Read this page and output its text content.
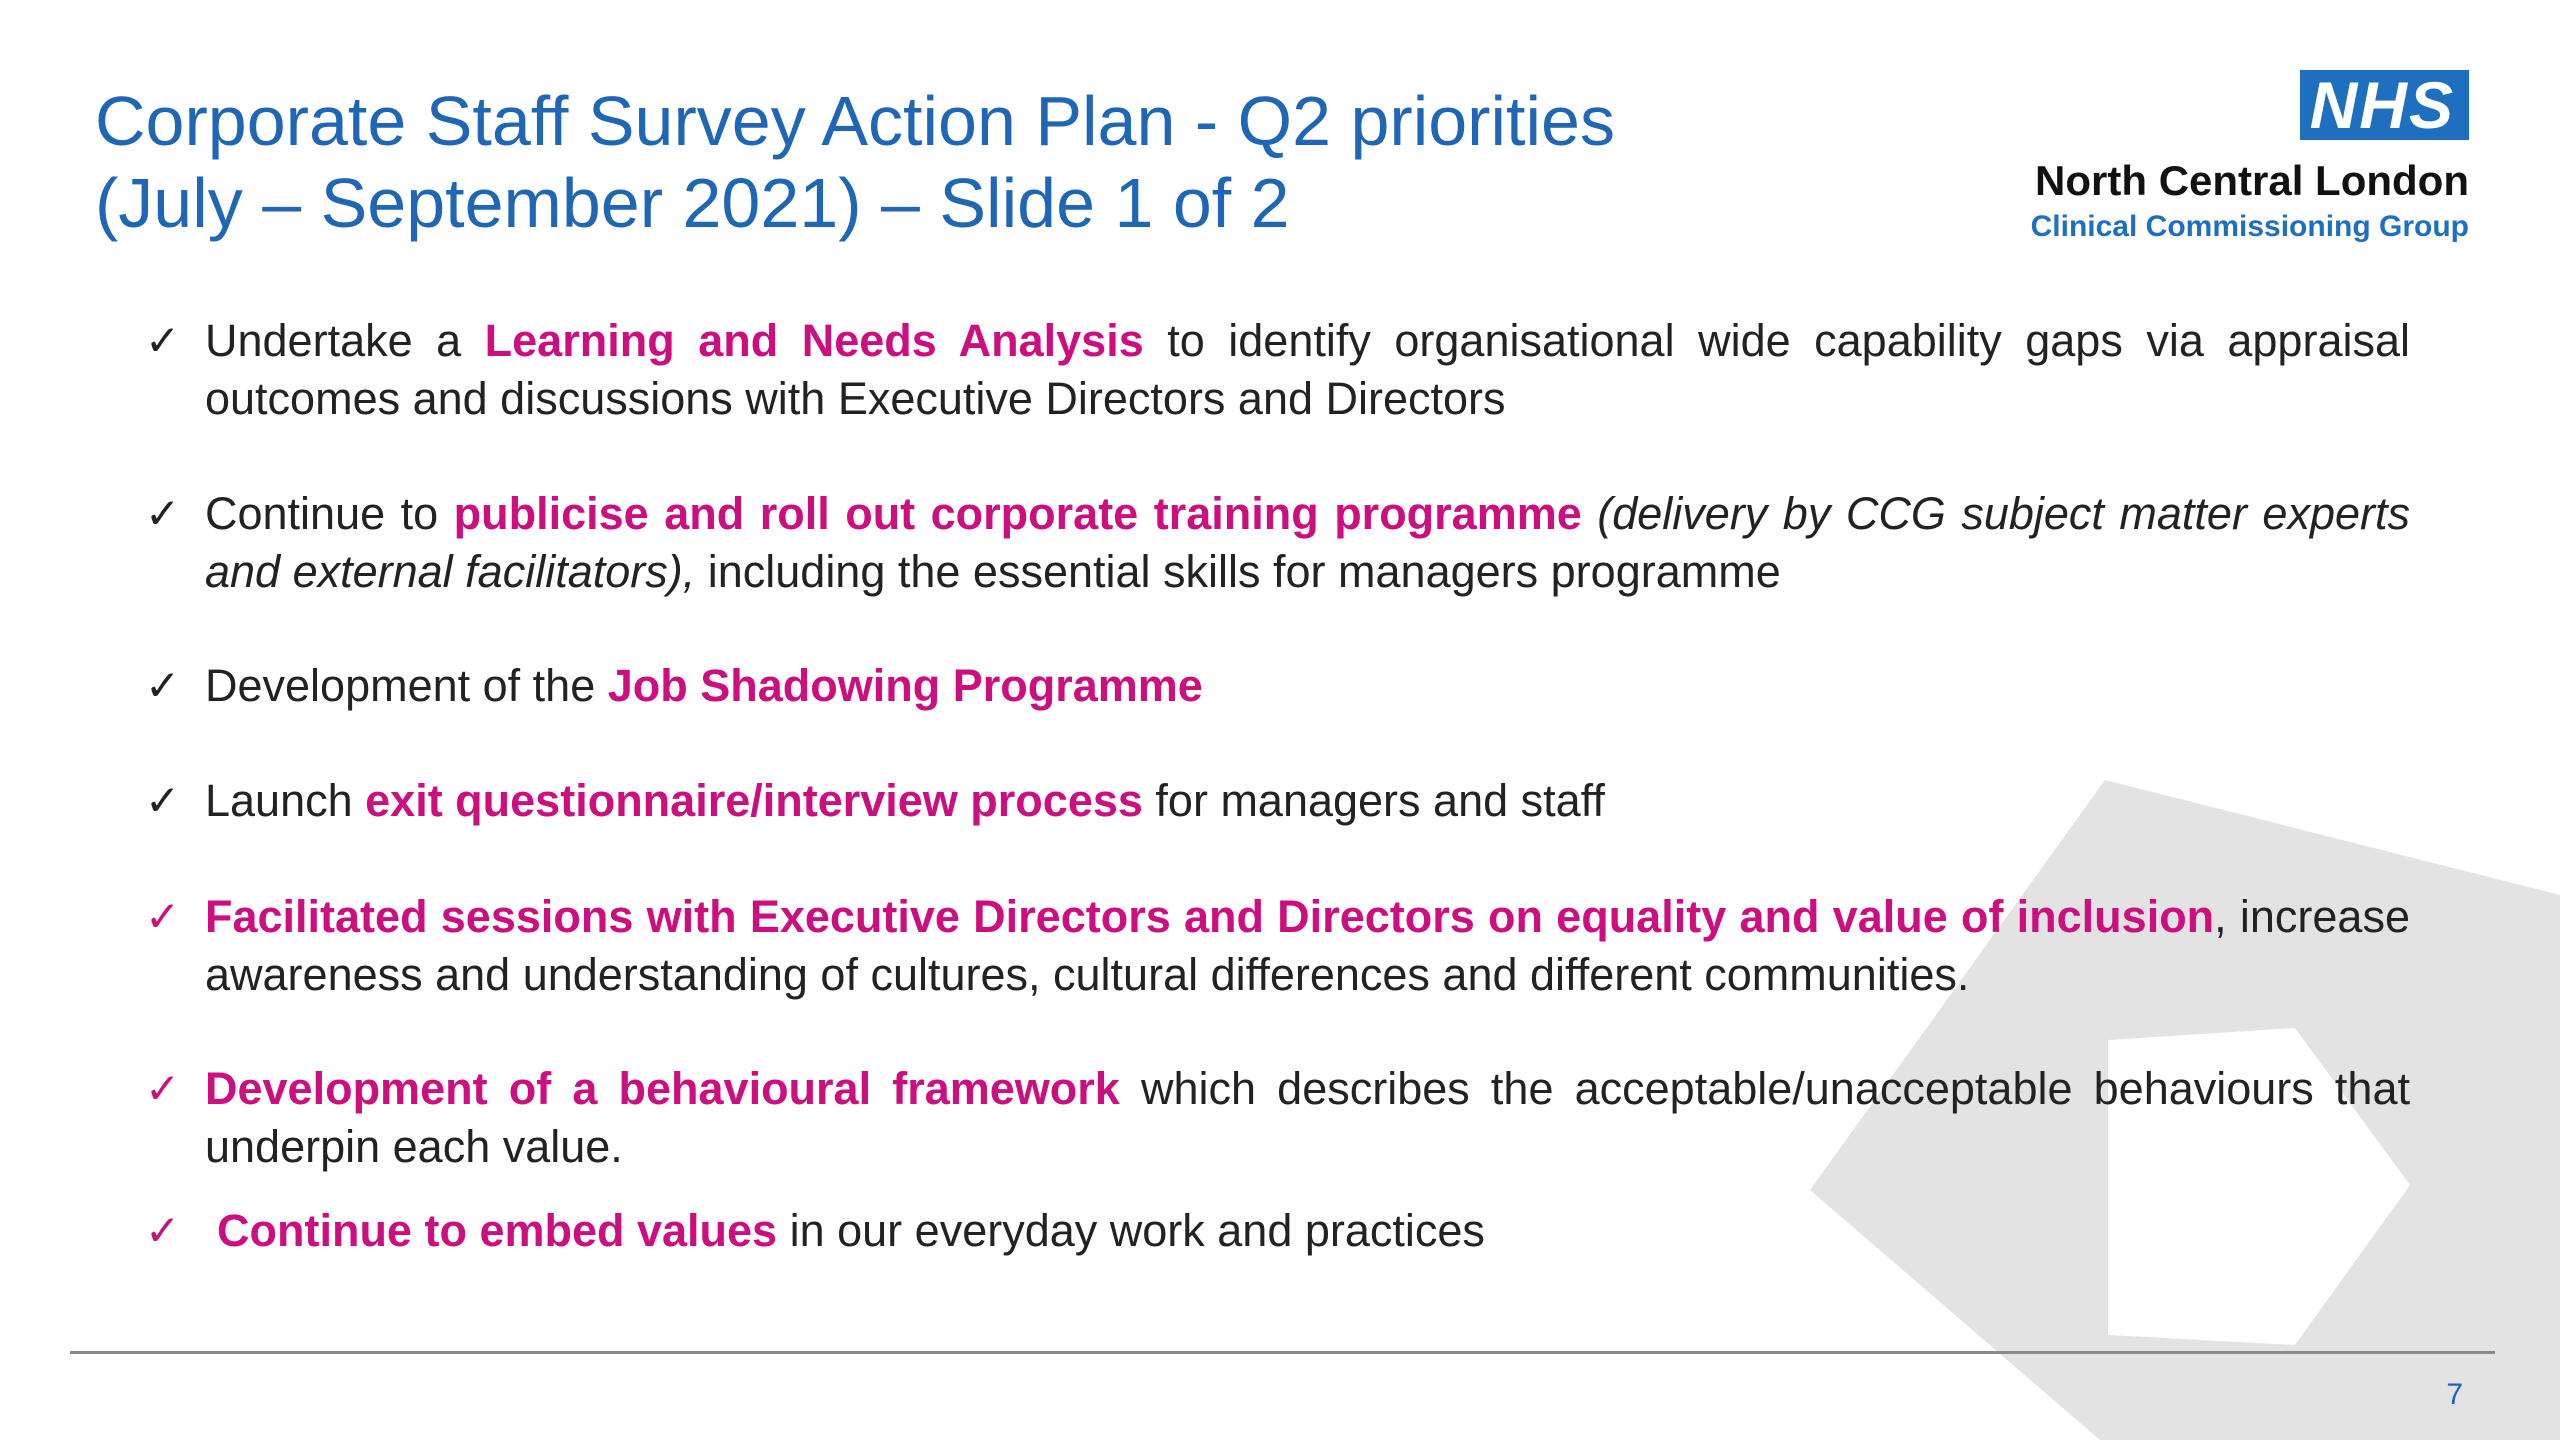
Corporate Staff Survey Action Plan - Q2 priorities
(July – September 2021) – Slide 1 of 2
NHS
North Central London
Clinical Commissioning Group
✓ Undertake a Learning and Needs Analysis to identify organisational wide capability gaps via appraisal outcomes and discussions with Executive Directors and Directors
✓ Continue to publicise and roll out corporate training programme (delivery by CCG subject matter experts and external facilitators), including the essential skills for managers programme
✓ Development of the Job Shadowing Programme
✓ Launch exit questionnaire/interview process for managers and staff
✓ Facilitated sessions with Executive Directors and Directors on equality and value of inclusion, increase awareness and understanding of cultures, cultural differences and different communities.
✓ Development of a behavioural framework which describes the acceptable/unacceptable behaviours that underpin each value.
✓ Continue to embed values in our everyday work and practices
7
